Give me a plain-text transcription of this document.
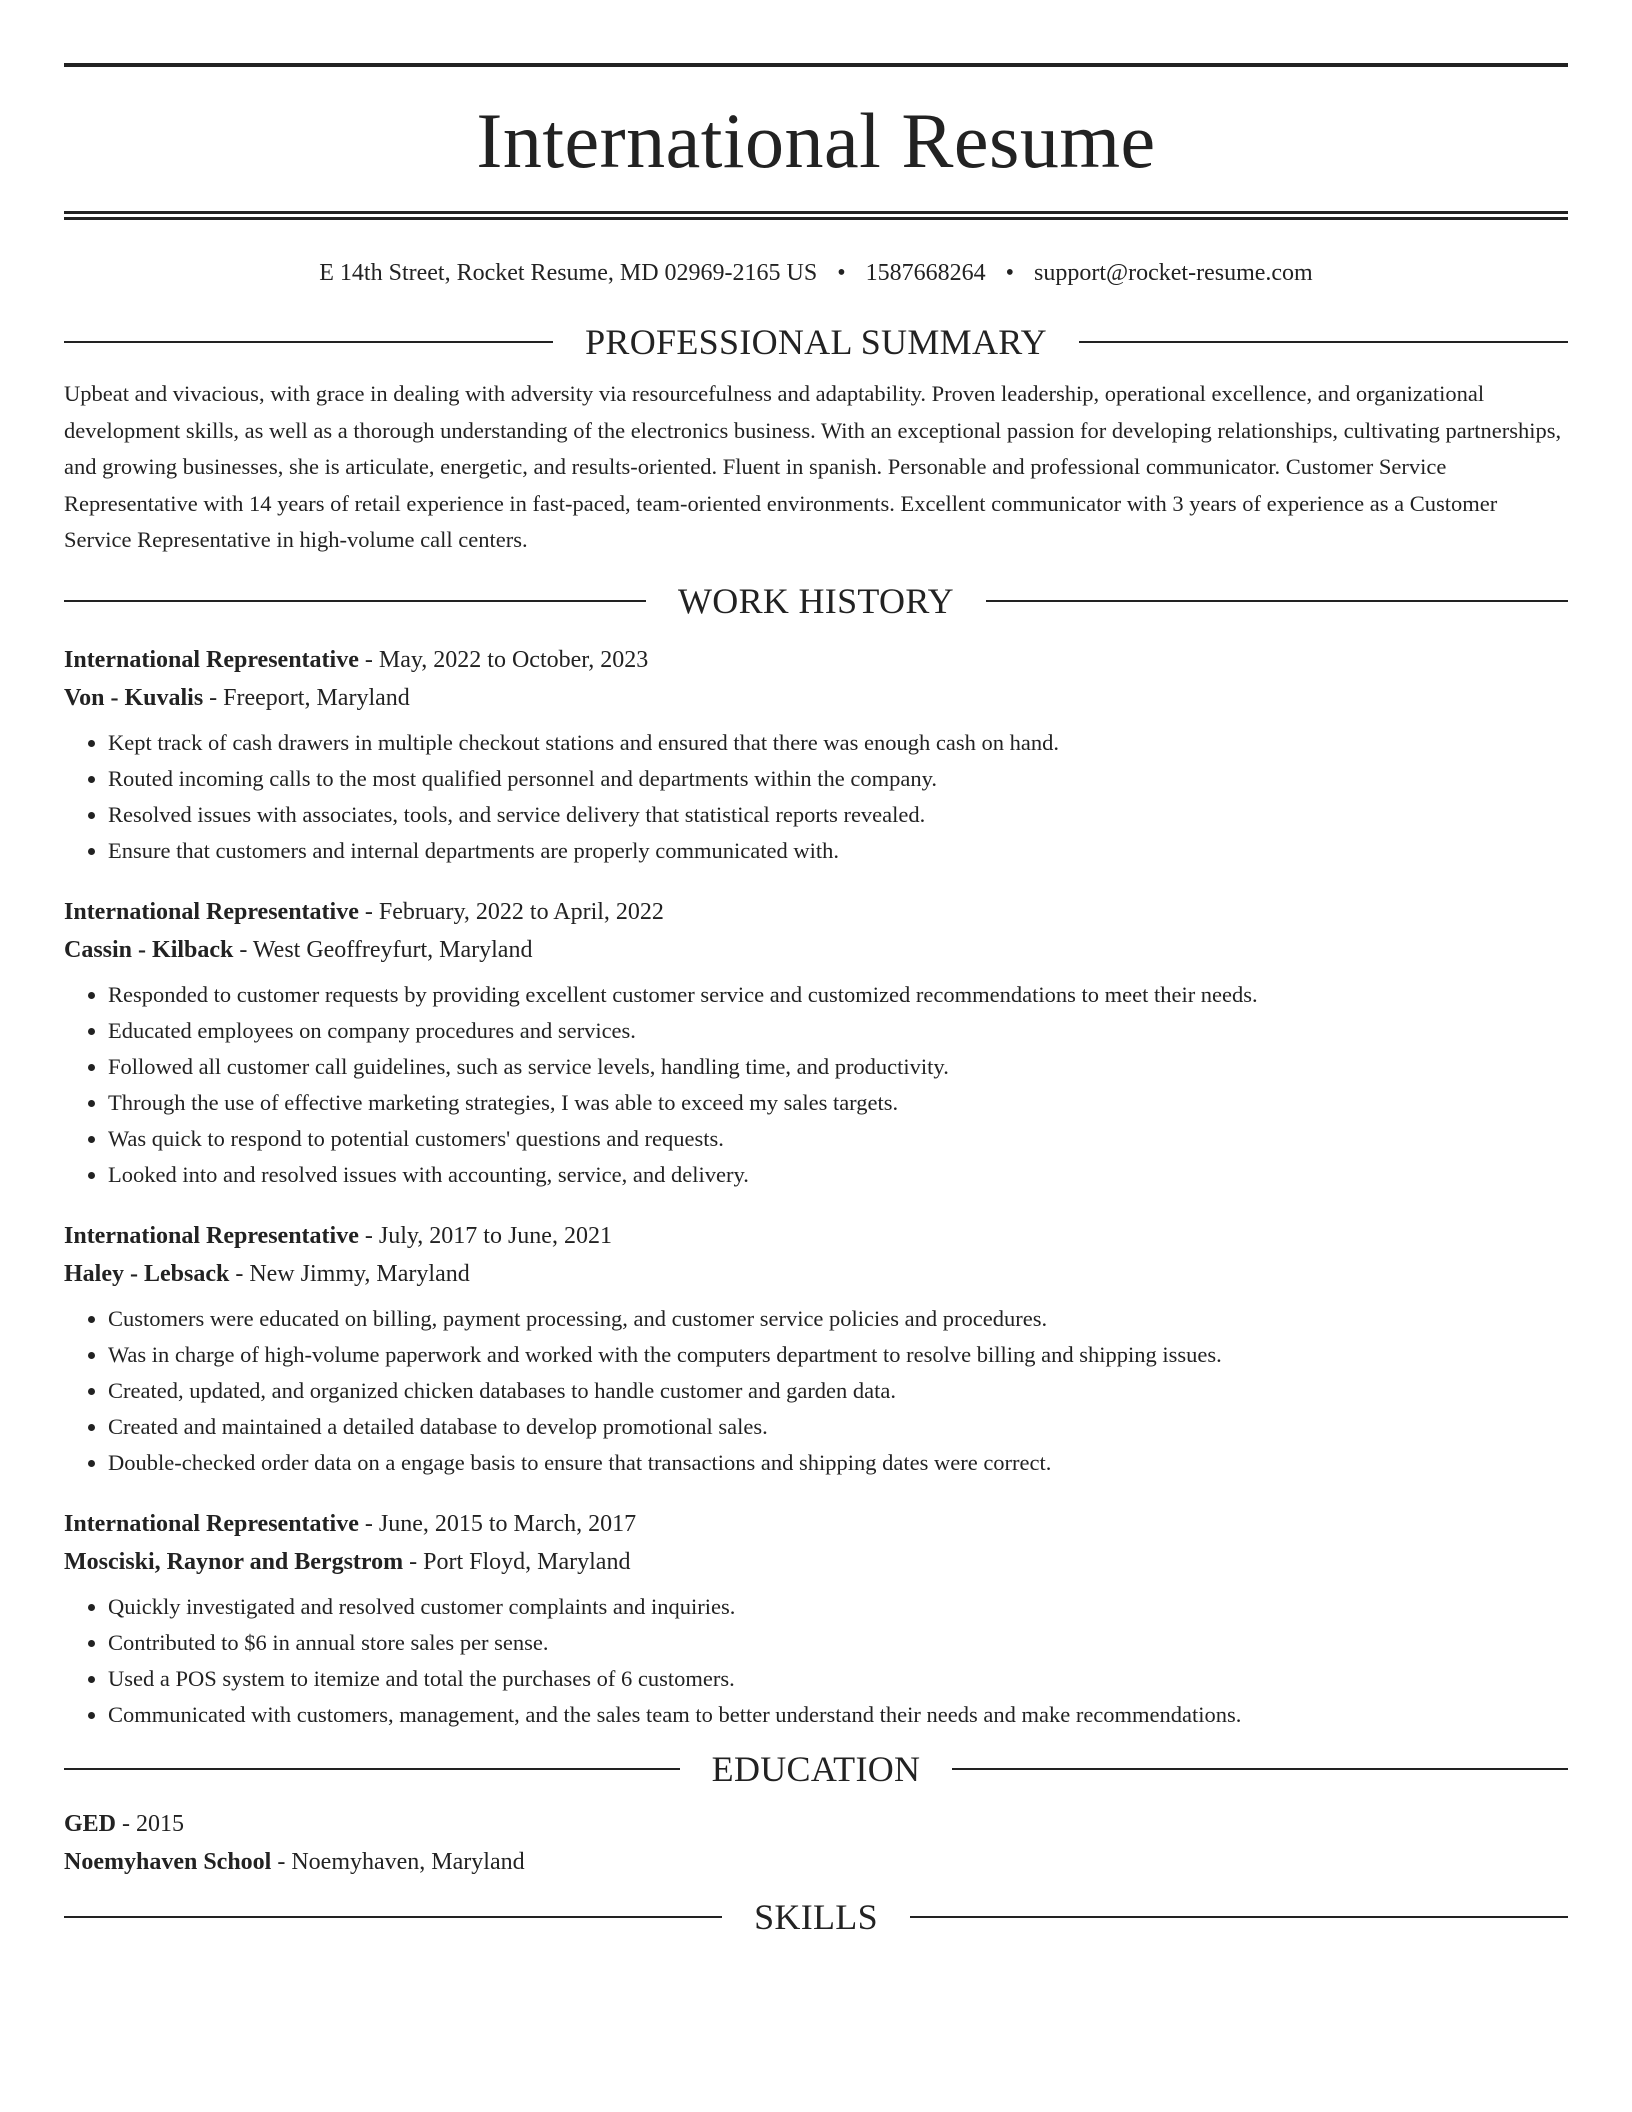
International Resume
E 14th Street, Rocket Resume, MD 02969-2165 US • 1587668264 • support@rocket-resume.com
PROFESSIONAL SUMMARY

Upbeat and vivacious, with grace in dealing with adversity via resourcefulness and adaptability. Proven leadership, operational excellence, and organizational development skills, as well as a thorough understanding of the electronics business. With an exceptional passion for developing relationships, cultivating partnerships, and growing businesses, she is articulate, energetic, and results-oriented. Fluent in spanish. Personable and professional communicator. Customer Service Representative with 14 years of retail experience in fast-paced, team-oriented environments. Excellent communicator with 3 years of experience as a Customer Service Representative in high-volume call centers.

WORK HISTORY
International Representative - May, 2022 to October, 2023
Von - Kuvalis - Freeport, Maryland
• Kept track of cash drawers in multiple checkout stations and ensured that there was enough cash on hand.
• Routed incoming calls to the most qualified personnel and departments within the company.
• Resolved issues with associates, tools, and service delivery that statistical reports revealed.
• Ensure that customers and internal departments are properly communicated with.
International Representative - February, 2022 to April, 2022
Cassin - Kilback - West Geoffreyfurt, Maryland
• Responded to customer requests by providing excellent customer service and customized recommendations to meet their needs.
• Educated employees on company procedures and services.
• Followed all customer call guidelines, such as service levels, handling time, and productivity.
• Through the use of effective marketing strategies, I was able to exceed my sales targets.
• Was quick to respond to potential customers' questions and requests.
• Looked into and resolved issues with accounting, service, and delivery.
International Representative - July, 2017 to June, 2021
Haley - Lebsack - New Jimmy, Maryland
• Customers were educated on billing, payment processing, and customer service policies and procedures.
• Was in charge of high-volume paperwork and worked with the computers department to resolve billing and shipping issues.
• Created, updated, and organized chicken databases to handle customer and garden data.
• Created and maintained a detailed database to develop promotional sales.
• Double-checked order data on a engage basis to ensure that transactions and shipping dates were correct.
International Representative - June, 2015 to March, 2017
Mosciski, Raynor and Bergstrom - Port Floyd, Maryland
• Quickly investigated and resolved customer complaints and inquiries.
• Contributed to $6 in annual store sales per sense.
• Used a POS system to itemize and total the purchases of 6 customers.
• Communicated with customers, management, and the sales team to better understand their needs and make recommendations.
EDUCATION
GED - 2015
Noemyhaven School - Noemyhaven, Maryland
SKILLS
